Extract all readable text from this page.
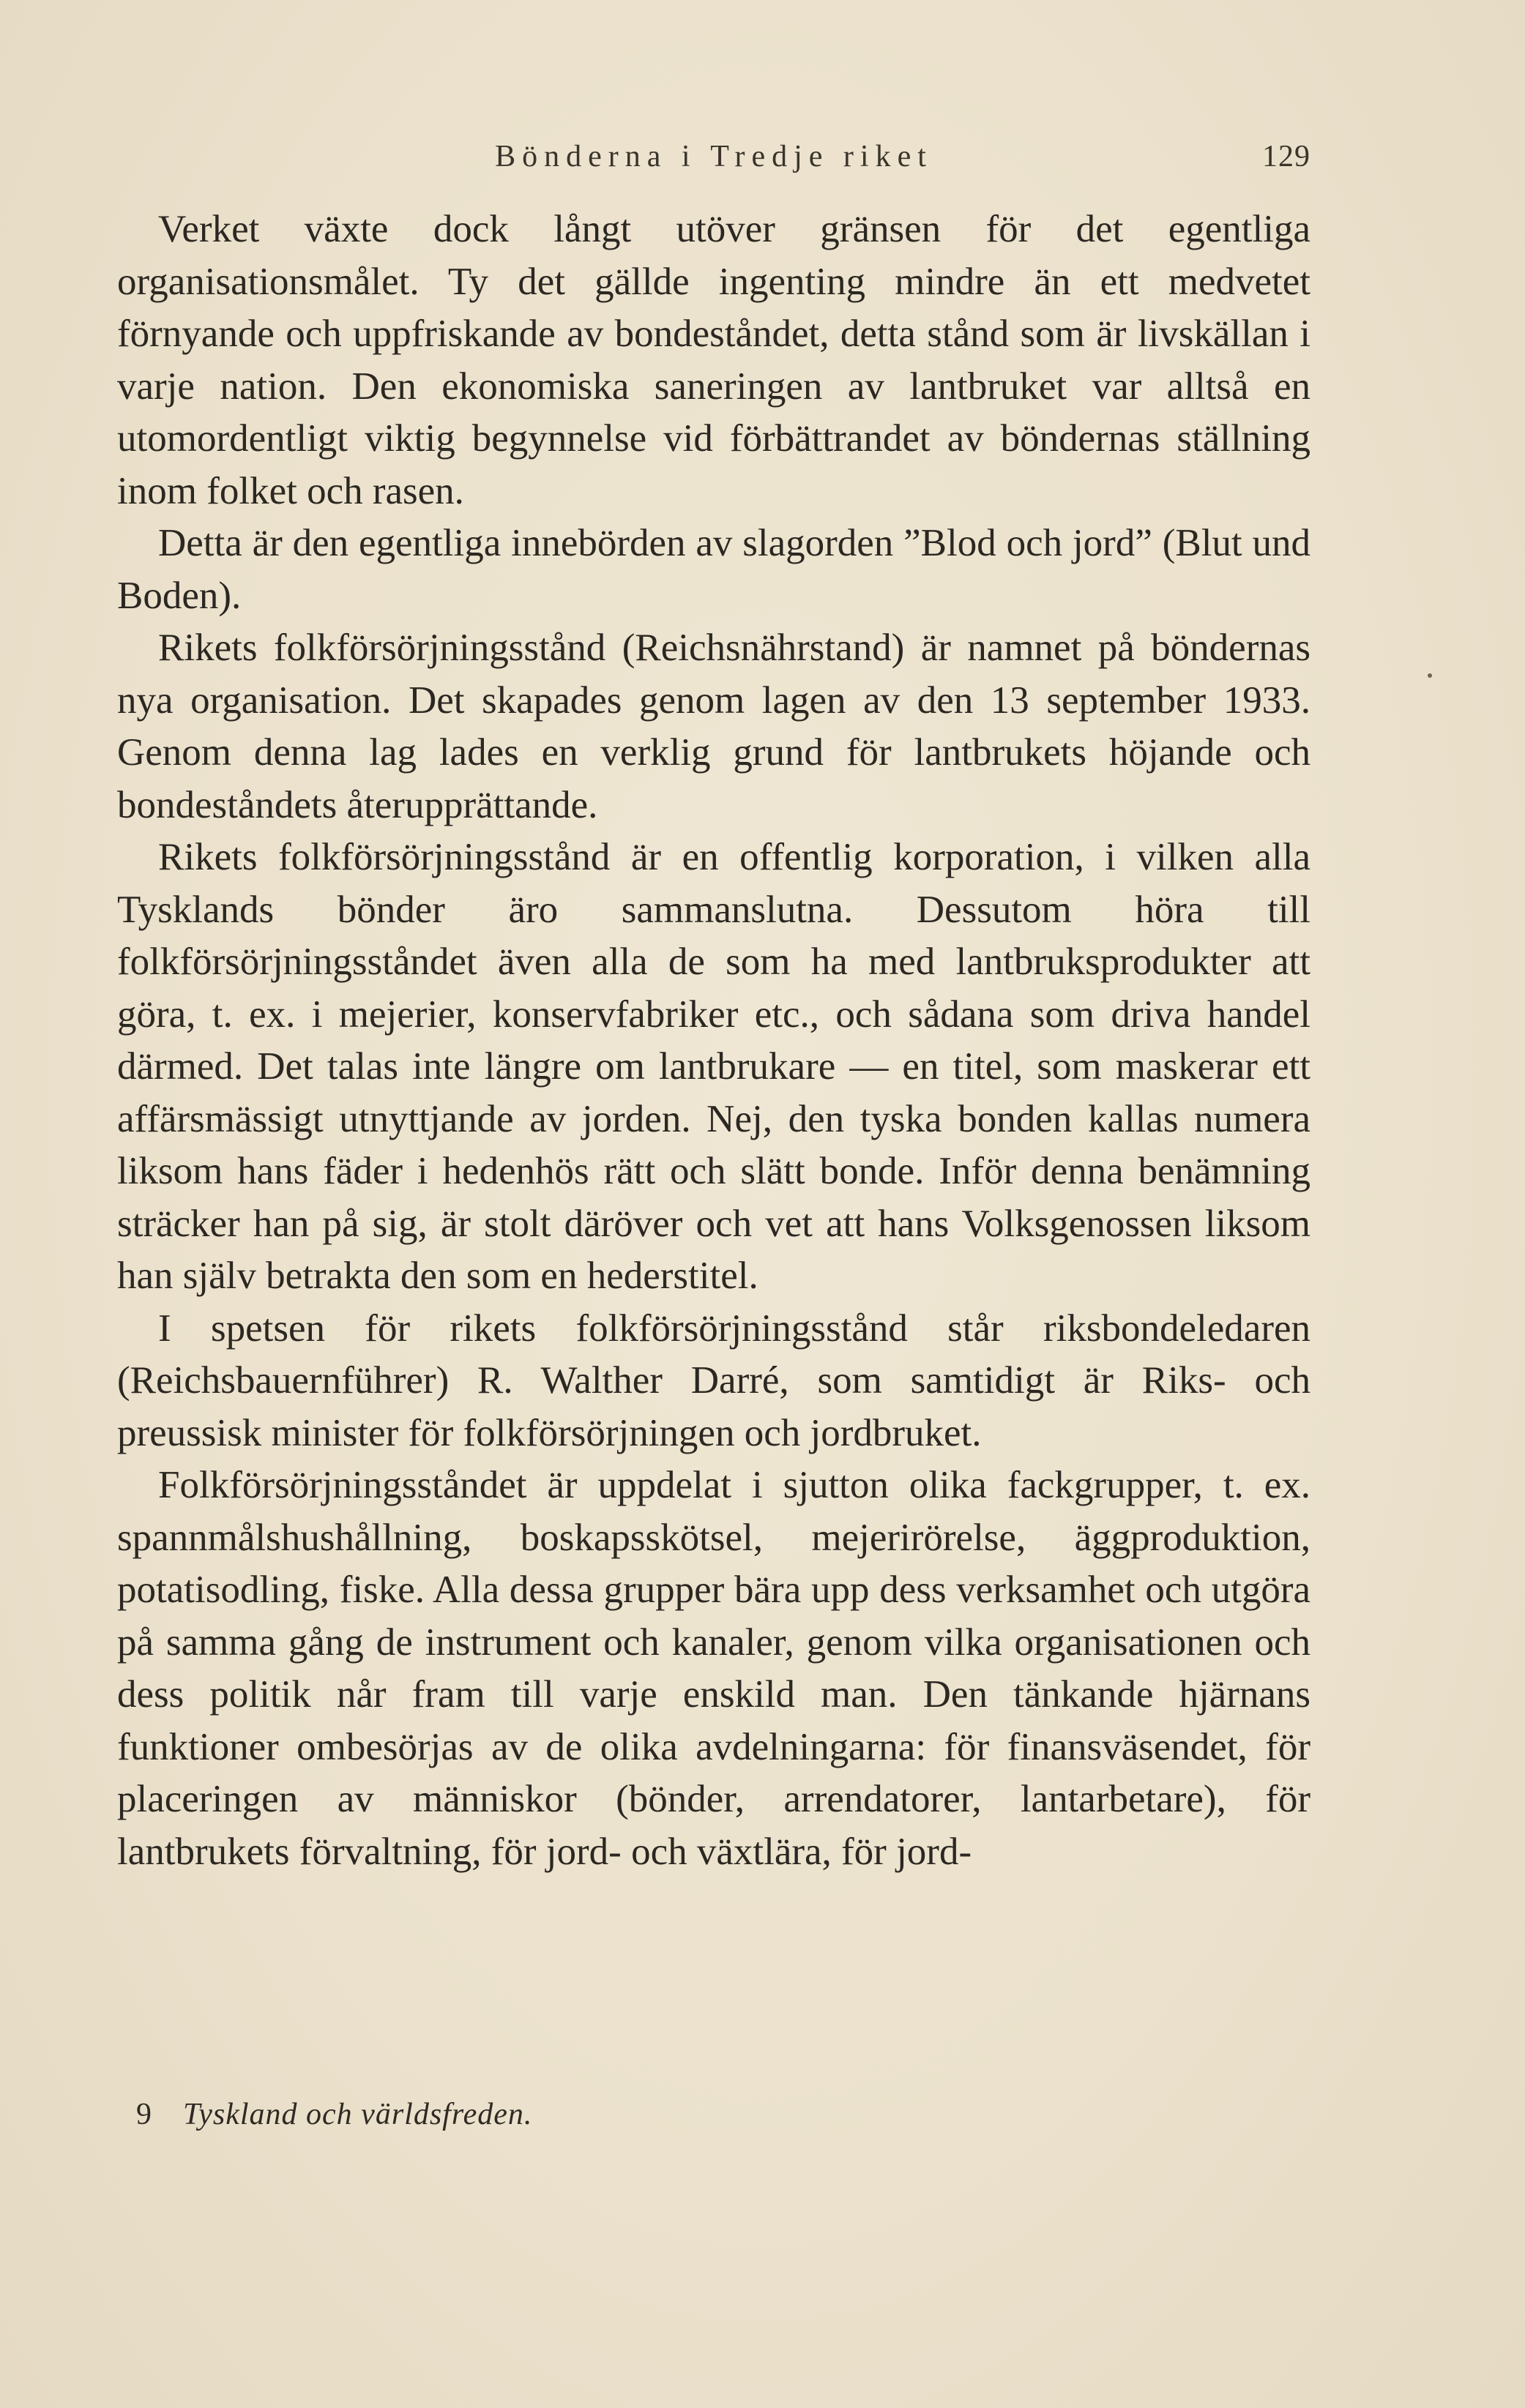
Bönderna i Tredje riket	129

Verket växte dock långt utöver gränsen för det egentliga organisationsmålet. Ty det gällde ingenting mindre än ett medvetet förnyande och uppfriskande av bondeståndet, detta stånd som är livskällan i varje nation. Den ekonomiska saneringen av lantbruket var alltså en utomordentligt viktig begynnelse vid förbättrandet av böndernas ställning inom folket och rasen.

Detta är den egentliga innebörden av slagorden ”Blod och jord” (Blut und Boden).

Rikets folkförsörjningsstånd (Reichsnährstand) är namnet på böndernas nya organisation. Det skapades genom lagen av den 13 september 1933. Genom denna lag lades en verklig grund för lantbrukets höjande och bondeståndets återupprättande.

Rikets folkförsörjningsstånd är en offentlig korporation, i vilken alla Tysklands bönder äro sammanslutna. Dessutom höra till folkförsörjningsståndet även alla de som ha med lantbruksprodukter att göra, t. ex. i mejerier, konservfabriker etc., och sådana som driva handel därmed. Det talas inte längre om lantbrukare — en titel, som maskerar ett affärsmässigt utnyttjande av jorden. Nej, den tyska bonden kallas numera liksom hans fäder i hedenhös rätt och slätt bonde. Inför denna benämning sträcker han på sig, är stolt däröver och vet att hans Volksgenossen liksom han själv betrakta den som en hederstitel.

I spetsen för rikets folkförsörjningsstånd står riksbondeledaren (Reichsbauernführer) R. Walther Darré, som samtidigt är Riks- och preussisk minister för folkförsörjningen och jordbruket.

Folkförsörjningsståndet är uppdelat i sjutton olika fackgrupper, t. ex. spannmålshushållning, boskapsskötsel, mejerirörelse, äggproduktion, potatisodling, fiske. Alla dessa grupper bära upp dess verksamhet och utgöra på samma gång de instrument och kanaler, genom vilka organisationen och dess politik når fram till varje enskild man. Den tänkande hjärnans funktioner ombesörjas av de olika avdelningarna: för finansväsendet, för placeringen av människor (bönder, arrendatorer, lantarbetare), för lantbrukets förvaltning, för jord- och växtlära, för jord-

9 Tyskland och världsfreden.
